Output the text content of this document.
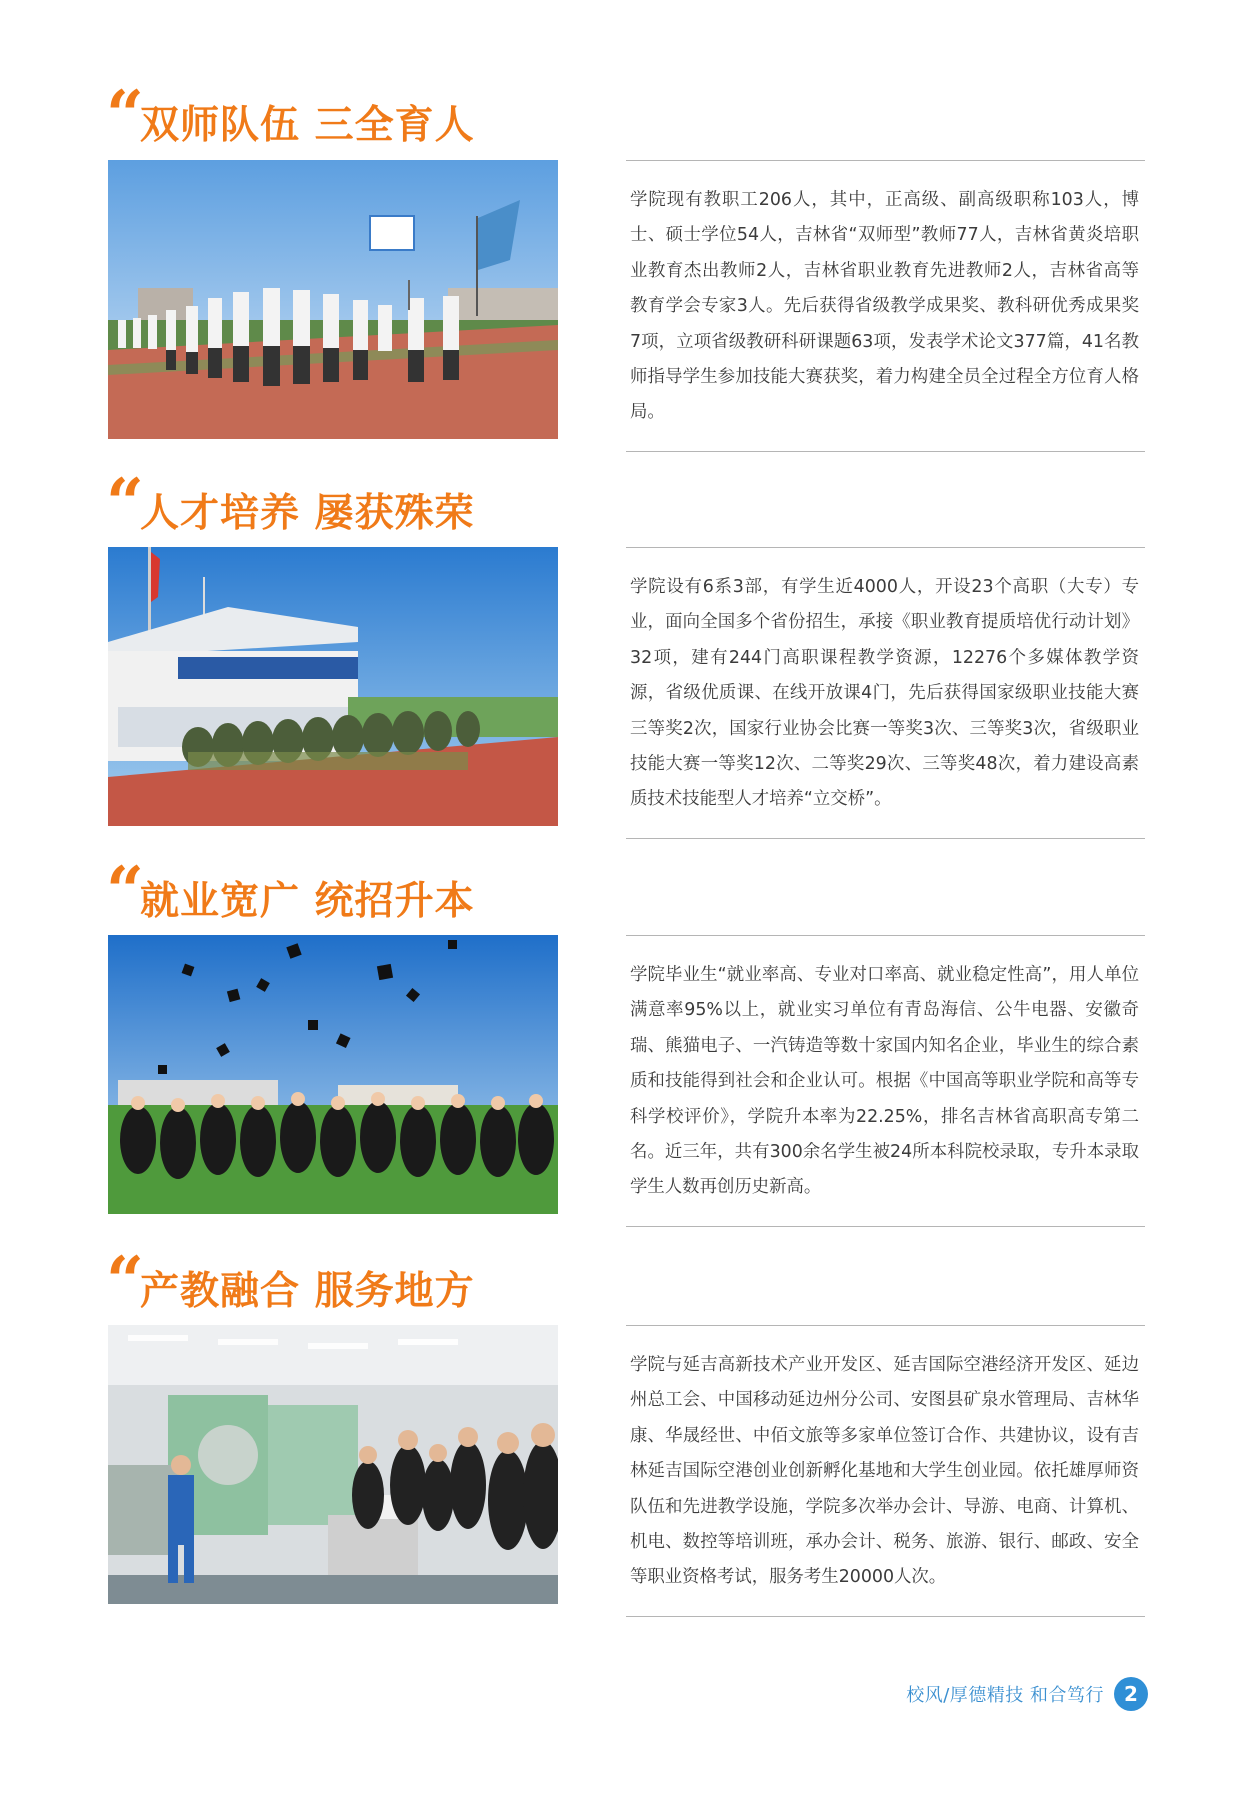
“
双师队伍 三全育人

学院现有教职工206人，其中，正高级、副高级职称103人，博士、硕士学位54人，吉林省“双师型”教师77人，吉林省黄炎培职业教育杰出教师2人，吉林省职业教育先进教师2人，吉林省高等教育学会专家3人。先后获得省级教学成果奖、教科研优秀成果奖7项，立项省级教研科研课题63项，发表学术论文377篇，41名教师指导学生参加技能大赛获奖，着力构建全员全过程全方位育人格局。

“
人才培养 屡获殊荣

学院设有6系3部，有学生近4000人，开设23个高职（大专）专业，面向全国多个省份招生，承接《职业教育提质培优行动计划》32项，建有244门高职课程教学资源，12276个多媒体教学资源，省级优质课、在线开放课4门，先后获得国家级职业技能大赛三等奖2次，国家行业协会比赛一等奖3次、三等奖3次，省级职业技能大赛一等奖12次、二等奖29次、三等奖48次，着力建设高素质技术技能型人才培养“立交桥”。

“
就业宽广 统招升本

学院毕业生“就业率高、专业对口率高、就业稳定性高”，用人单位满意率95%以上，就业实习单位有青岛海信、公牛电器、安徽奇瑞、熊猫电子、一汽铸造等数十家国内知名企业，毕业生的综合素质和技能得到社会和企业认可。根据《中国高等职业学院和高等专科学校评价》，学院升本率为22.25%，排名吉林省高职高专第二名。近三年，共有300余名学生被24所本科院校录取，专升本录取学生人数再创历史新高。

“
产教融合 服务地方

学院与延吉高新技术产业开发区、延吉国际空港经济开发区、延边州总工会、中国移动延边州分公司、安图县矿泉水管理局、吉林华康、华晟经世、中佰文旅等多家单位签订合作、共建协议，设有吉林延吉国际空港创业创新孵化基地和大学生创业园。依托雄厚师资队伍和先进教学设施，学院多次举办会计、导游、电商、计算机、机电、数控等培训班，承办会计、税务、旅游、银行、邮政、安全等职业资格考试，服务考生20000人次。

校风/厚德精技 和合笃行	2
